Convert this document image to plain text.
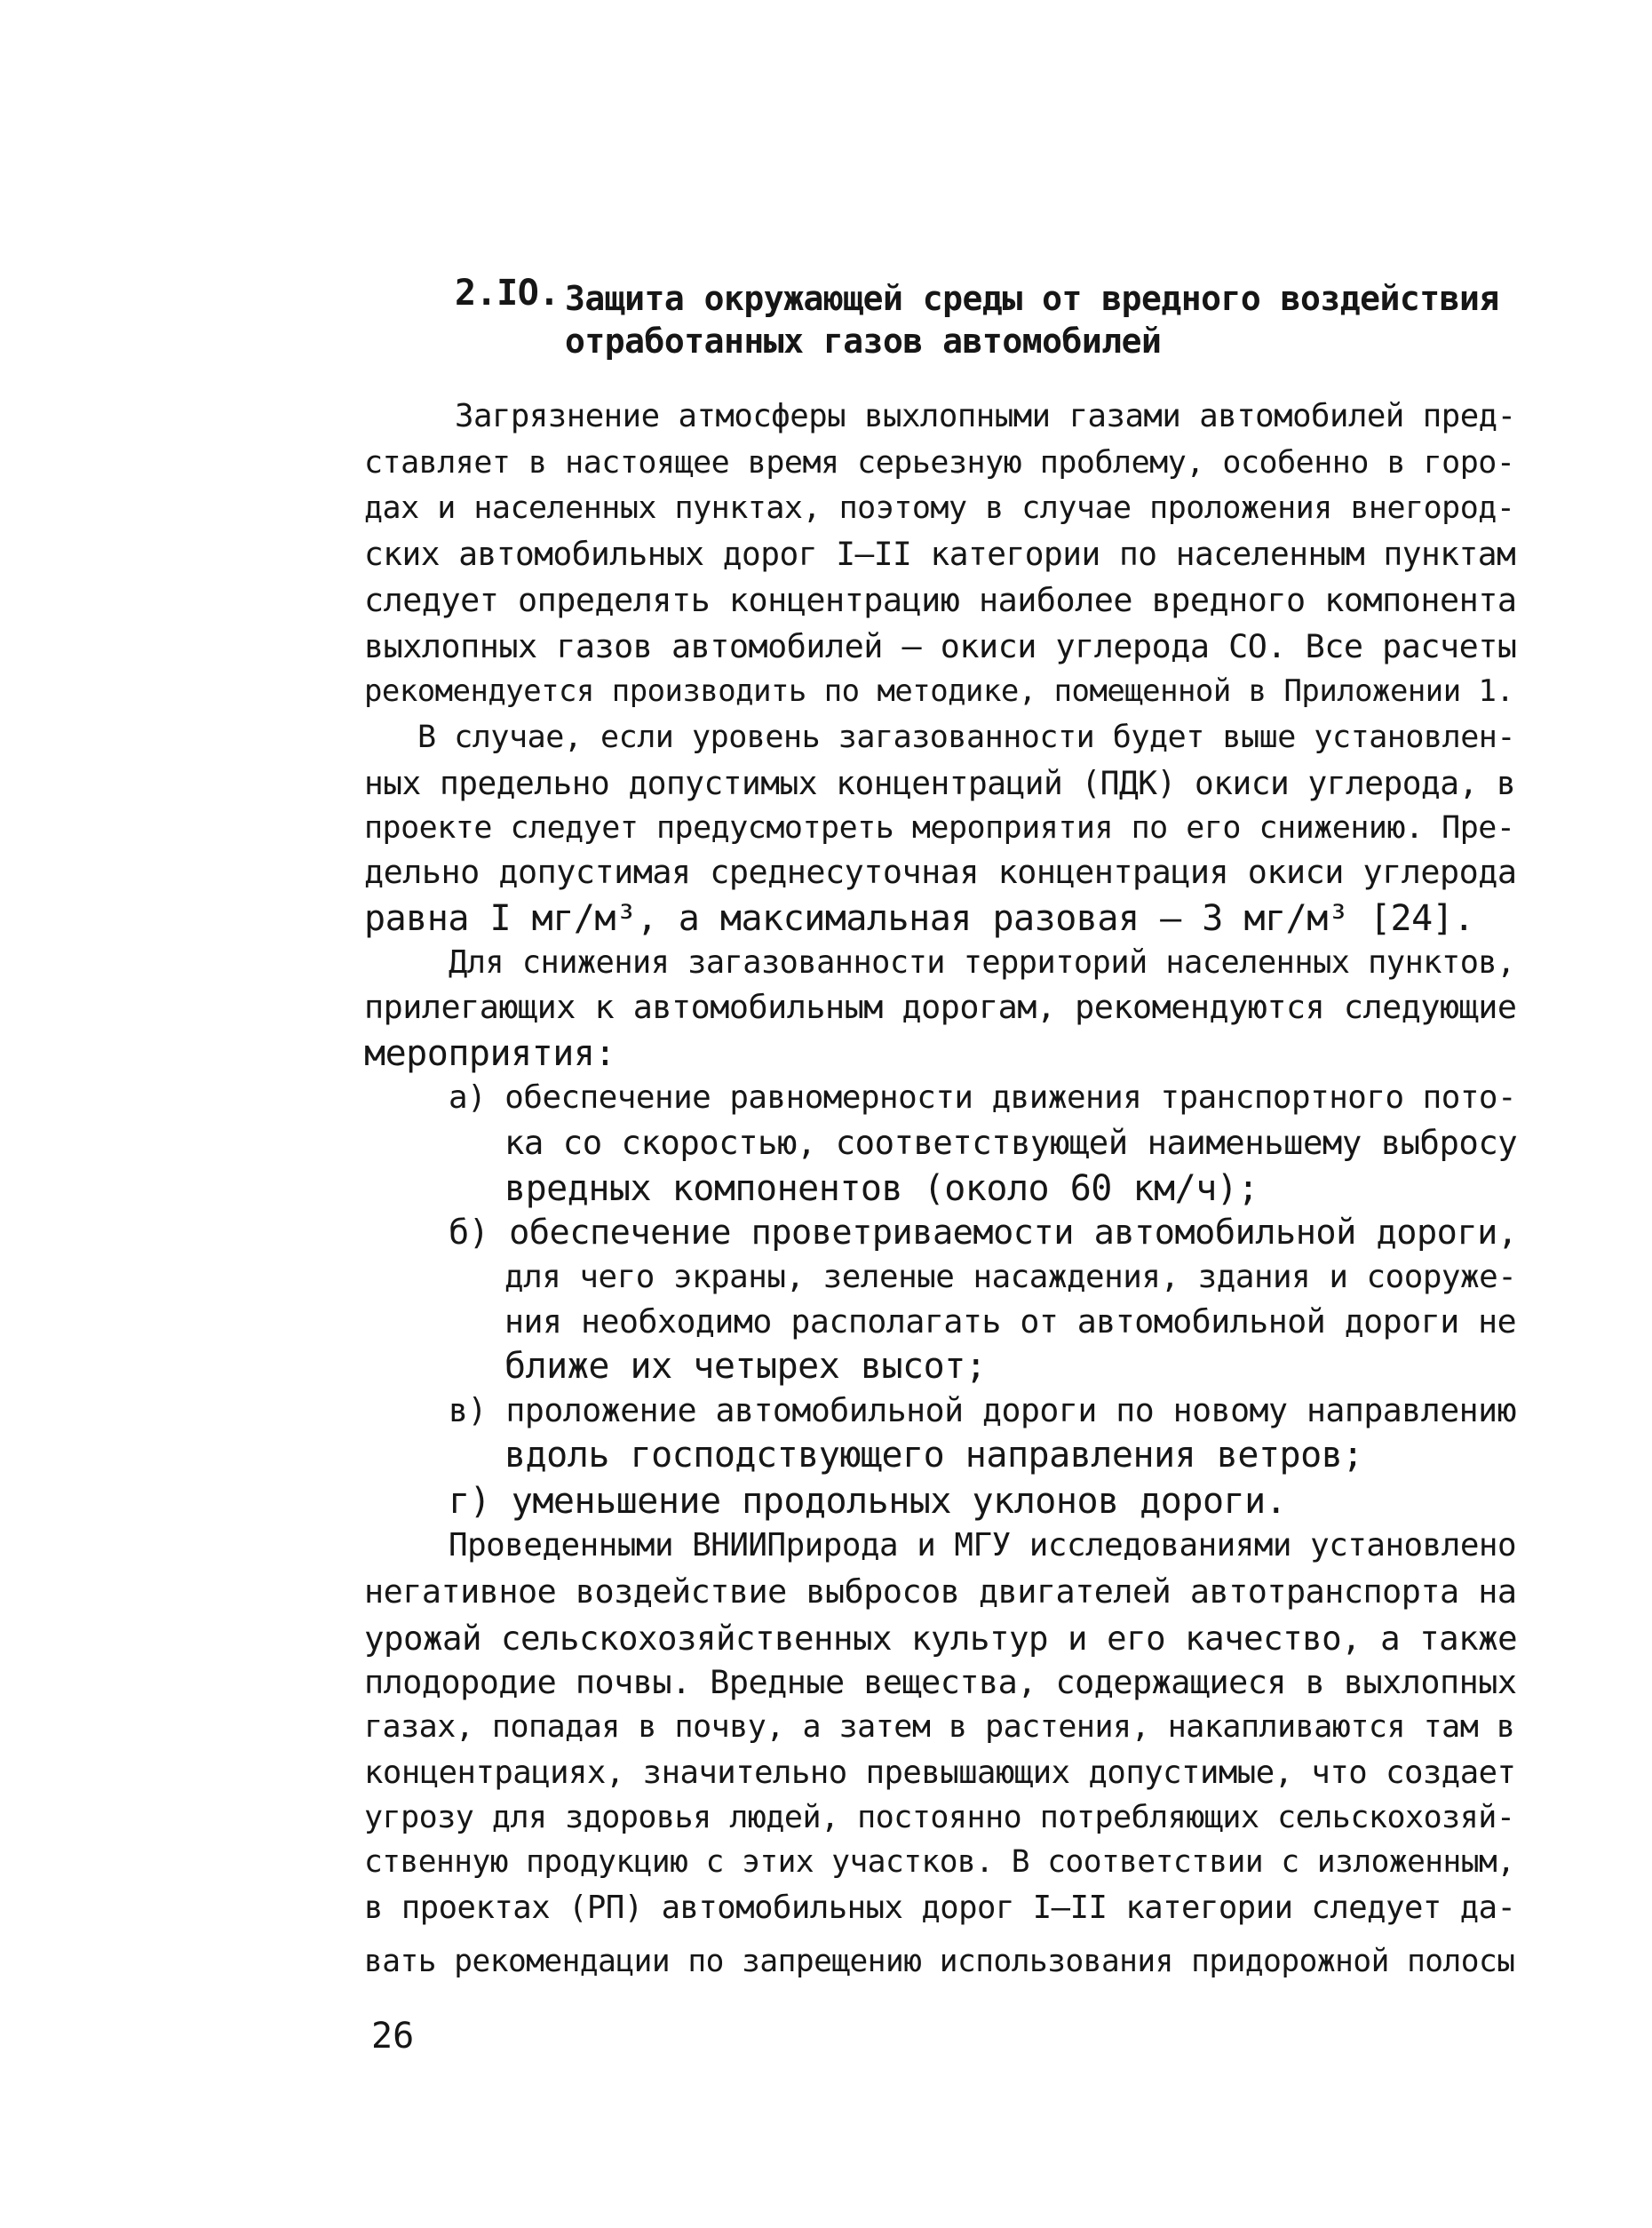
2.IO. Защита окружающей среды от вредного воздействия
отработанных газов автомобилей
Загрязнение атмосферы выхлопными газами автомобилей пред-
ставляет в настоящее время серьезную проблему, особенно в горо-
дах и населенных пунктах, поэтому в случае проложения внегород-
ских автомобильных дорог I–II категории по населенным пунктам
следует определять концентрацию наиболее вредного компонента
выхлопных газов автомобилей – окиси углерода СО. Все расчеты
рекомендуется производить по методике, помещенной в Приложении 1.
В случае, если уровень загазованности будет выше установлен-
ных предельно допустимых концентраций (ПДК) окиси углерода, в
проекте следует предусмотреть мероприятия по его снижению. Пре-
дельно допустимая среднесуточная концентрация окиси углерода
равна I мг/м³, а максимальная разовая – 3 мг/м³ [24].
Для снижения загазованности территорий населенных пунктов,
прилегающих к автомобильным дорогам, рекомендуются следующие
мероприятия:
а) обеспечение равномерности движения транспортного пото-
ка со скоростью, соответствующей наименьшему выбросу
вредных компонентов (около 60 км/ч);
б) обеспечение проветриваемости автомобильной дороги,
для чего экраны, зеленые насаждения, здания и сооруже-
ния необходимо располагать от автомобильной дороги не
ближе их четырех высот;
в) проложение автомобильной дороги по новому направлению
вдоль господствующего направления ветров;
г) уменьшение продольных уклонов дороги.
Проведенными ВНИИПрирода и МГУ исследованиями установлено
негативное воздействие выбросов двигателей автотранспорта на
урожай сельскохозяйственных культур и его качество, а также
плодородие почвы. Вредные вещества, содержащиеся в выхлопных
газах, попадая в почву, а затем в растения, накапливаются там в
концентрациях, значительно превышающих допустимые, что создает
угрозу для здоровья людей, постоянно потребляющих сельскохозяй-
ственную продукцию с этих участков. В соответствии с изложенным,
в проектах (РП) автомобильных дорог I–II категории следует да-
вать рекомендации по запрещению использования придорожной полосы
26
